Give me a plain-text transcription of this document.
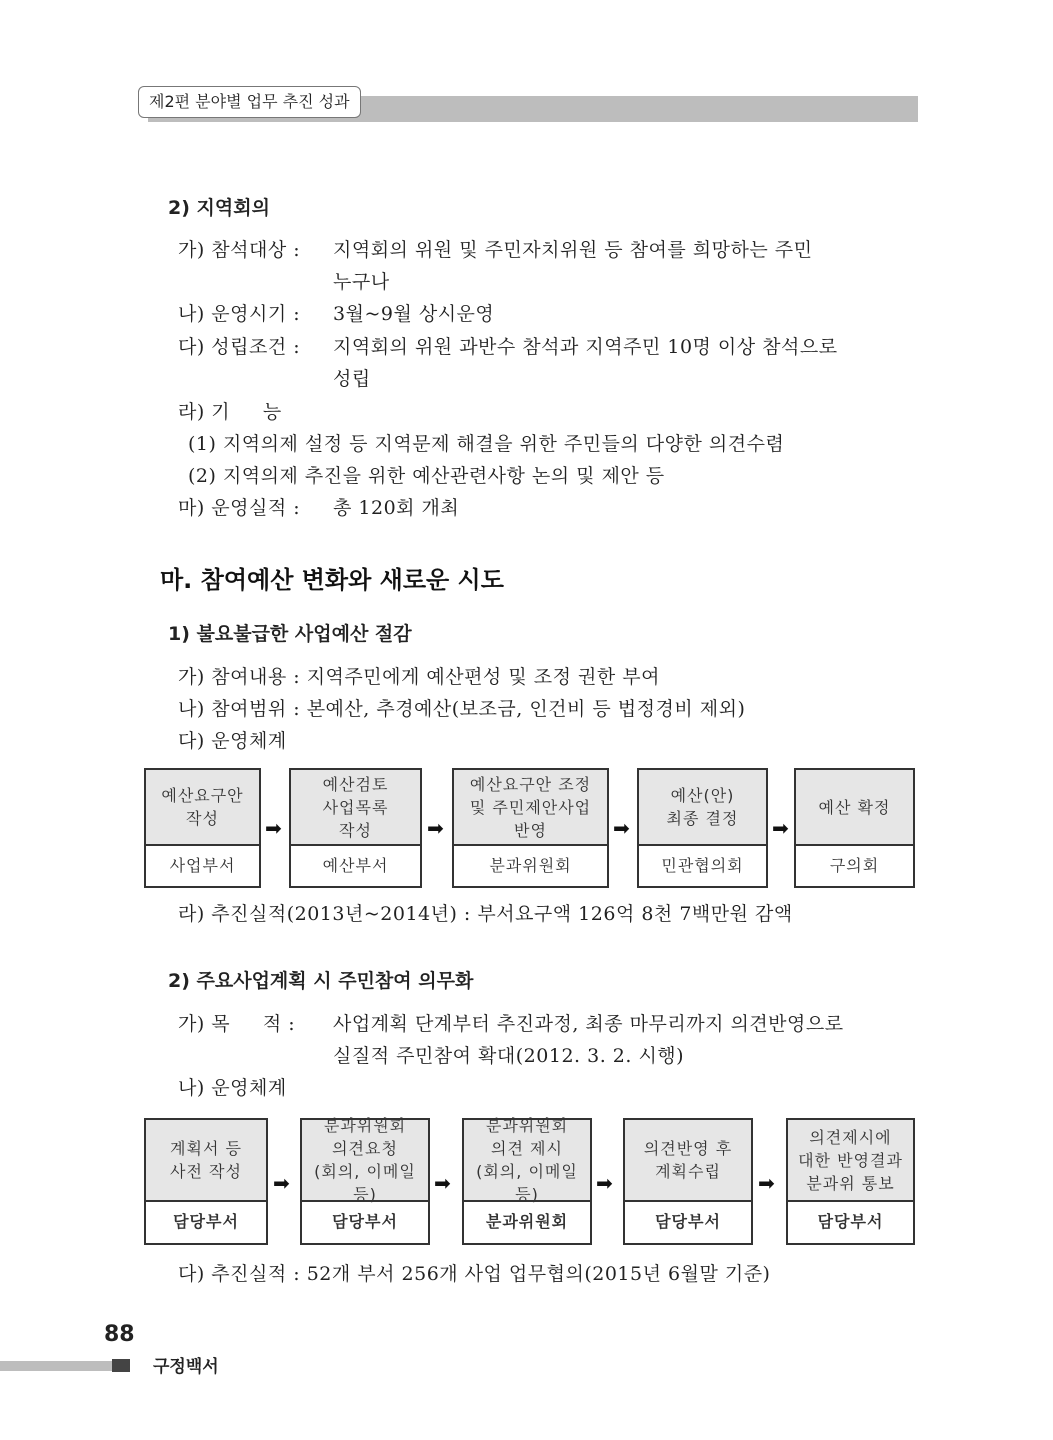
제2편 분야별 업무 추진 성과
2) 지역회의
가) 참석대상 : 지역회의 위원 및 주민자치위원 등 참여를 희망하는 주민
누구나
나) 운영시기 : 3월~9월 상시운영
다) 성립조건 : 지역회의 위원 과반수 참석과 지역주민 10명 이상 참석으로
성립
라) 기     능
(1) 지역의제 설정 등 지역문제 해결을 위한 주민들의 다양한 의견수렴
(2) 지역의제 추진을 위한 예산관련사항 논의 및 제안 등
마) 운영실적 : 총 120회 개최
마. 참여예산 변화와 새로운 시도
1) 불요불급한 사업예산 절감
가) 참여내용 : 지역주민에게 예산편성 및 조정 권한 부여
나) 참여범위 : 본예산, 추경예산(보조금, 인건비 등 법정경비 제외)
다) 운영체계
예산요구안
작성
사업부서
➡
예산검토
사업목록
작성
예산부서
➡
예산요구안 조정
및 주민제안사업
반영
분과위원회
➡
예산(안)
최종 결정
민관협의회
➡
예산 확정
구의회
라) 추진실적(2013년~2014년) : 부서요구액 126억 8천 7백만원 감액
2) 주요사업계획 시 주민참여 의무화
가) 목     적 : 사업계획 단계부터 추진과정, 최종 마무리까지 의견반영으로
실질적 주민참여 확대(2012. 3. 2. 시행)
나) 운영체계
계획서 등
사전 작성
담당부서
➡
분과위원회
의견요청
(회의, 이메일 등)
담당부서
➡
분과위원회
의견 제시
(회의, 이메일 등)
분과위원회
➡
의견반영 후
계획수립
담당부서
➡
의견제시에
대한 반영결과
분과위 통보
담당부서
다) 추진실적 : 52개 부서 256개 사업 업무협의(2015년 6월말 기준)
88
구정백서
